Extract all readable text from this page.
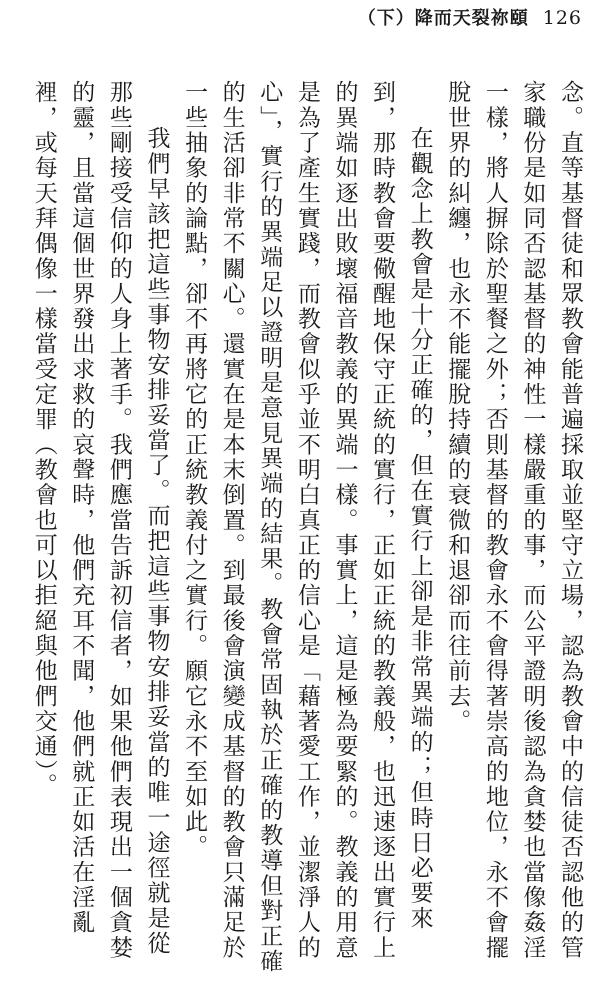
（下）降而天裂祢頤 126

念。直等基督徒和眾教會能普遍採取並堅守立場，認為教會中的信徒否認他的管家職份是如同否認基督的神性一樣嚴重的事，而公平證明後認為貪婪也當像姦淫一樣，將人摒除於聖餐之外；否則基督的教會永不會得著崇高的地位，永不會擺脫世界的糾纏，也永不能擺脫持續的衰微和退卻而往前去。

在觀念上教會是十分正確的，但在實行上卻是非常異端的；但時日必要來到，那時教會要儆醒地保守正統的實行，正如正統的教義般，也迅速逐出實行上的異端如逐出敗壞福音教義的異端一樣。事實上，這是極為要緊的。教義的用意是為了產生實踐，而教會似乎並不明白真正的信心是「藉著愛工作，並潔淨人的心」，實行的異端足以證明是意見異端的結果。教會常固執於正確的教導但對正確的生活卻非常不關心。還實在是本末倒置。到最後會演變成基督的教會只滿足於一些抽象的論點，卻不再將它的正統教義付之實行。願它永不至如此。

我們早該把這些事物安排妥當了。而把這些事物安排妥當的唯一途徑就是從那些剛接受信仰的人身上著手。我們應當告訴初信者，如果他們表現出一個貪婪的靈，且當這個世界發出求救的哀聲時，他們充耳不聞，他們就正如活在淫亂裡，或每天拜偶像一樣當受定罪（教會也可以拒絕與他們交通）。
